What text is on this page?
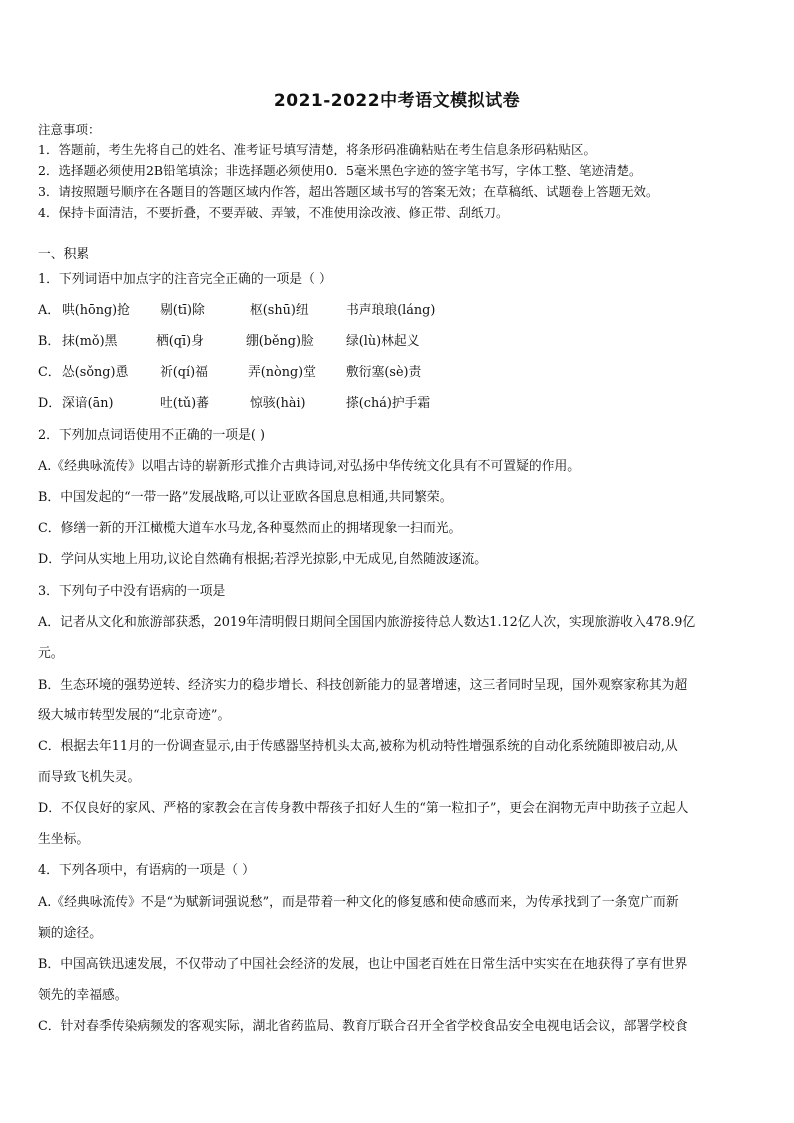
2021-2022中考语文模拟试卷
注意事项：
1．答题前，考生先将自己的姓名、准考证号填写清楚，将条形码准确粘贴在考生信息条形码粘贴区。
2．选择题必须使用2B铅笔填涂；非选择题必须使用0．5毫米黑色字迹的签字笔书写，字体工整、笔迹清楚。
3．请按照题号顺序在各题目的答题区域内作答，超出答题区域书写的答案无效；在草稿纸、试题卷上答题无效。
4．保持卡面清洁，不要折叠，不要弄破、弄皱，不准使用涂改液、修正带、刮纸刀。
一、积累
1．下列词语中加点字的注音完全正确的一项是（ ）
A． 哄(hōng)抢 剔(tī)除	枢(shū)纽	书声琅琅(láng)
B． 抹(mǒ)黑	栖(qī)身	绷(běng)脸	绿(lù)林起义
C． 怂(sǒng)恿 祈(qí)福	弄(nòng)堂 敷衍塞(sè)责
D． 深谙(ān)	吐(tǔ)蕃	惊骇(hài)	搽(chá)护手霜
2．下列加点词语使用不正确的一项是( )
A.《经典咏流传》以唱古诗的崭新形式推介古典诗词,对弘扬中华传统文化具有不可置疑的作用。
B．中国发起的“一带一路”发展战略,可以让亚欧各国息息相通,共同繁荣。
C．修缮一新的开江橄榄大道车水马龙,各种戛然而止的拥堵现象一扫而光。
D．学问从实地上用功,议论自然确有根据;若浮光掠影,中无成见,自然随波逐流。
3．下列句子中没有语病的一项是
A．记者从文化和旅游部获悉，2019年清明假日期间全国国内旅游接待总人数达1.12亿人次，实现旅游收入478.9亿
元。
B．生态环境的强势逆转、经济实力的稳步增长、科技创新能力的显著增速，这三者同时呈现，国外观察家称其为超
级大城市转型发展的“北京奇迹”。
C．根据去年11月的一份调查显示,由于传感器坚持机头太高,被称为机动特性增强系统的自动化系统随即被启动,从
而导致飞机失灵。
D．不仅良好的家风、严格的家教会在言传身教中帮孩子扣好人生的“第一粒扣子”，更会在润物无声中助孩子立起人
生坐标。
4．下列各项中，有语病的一项是（ ）
A.《经典咏流传》不是“为赋新词强说愁”，而是带着一种文化的修复感和使命感而来，为传承找到了一条宽广而新
颖的途径。
B．中国高铁迅速发展，不仅带动了中国社会经济的发展，也让中国老百姓在日常生活中实实在在地获得了享有世界
领先的幸福感。
C．针对春季传染病频发的客观实际，湖北省药监局、教育厅联合召开全省学校食品安全电视电话会议，部署学校食
